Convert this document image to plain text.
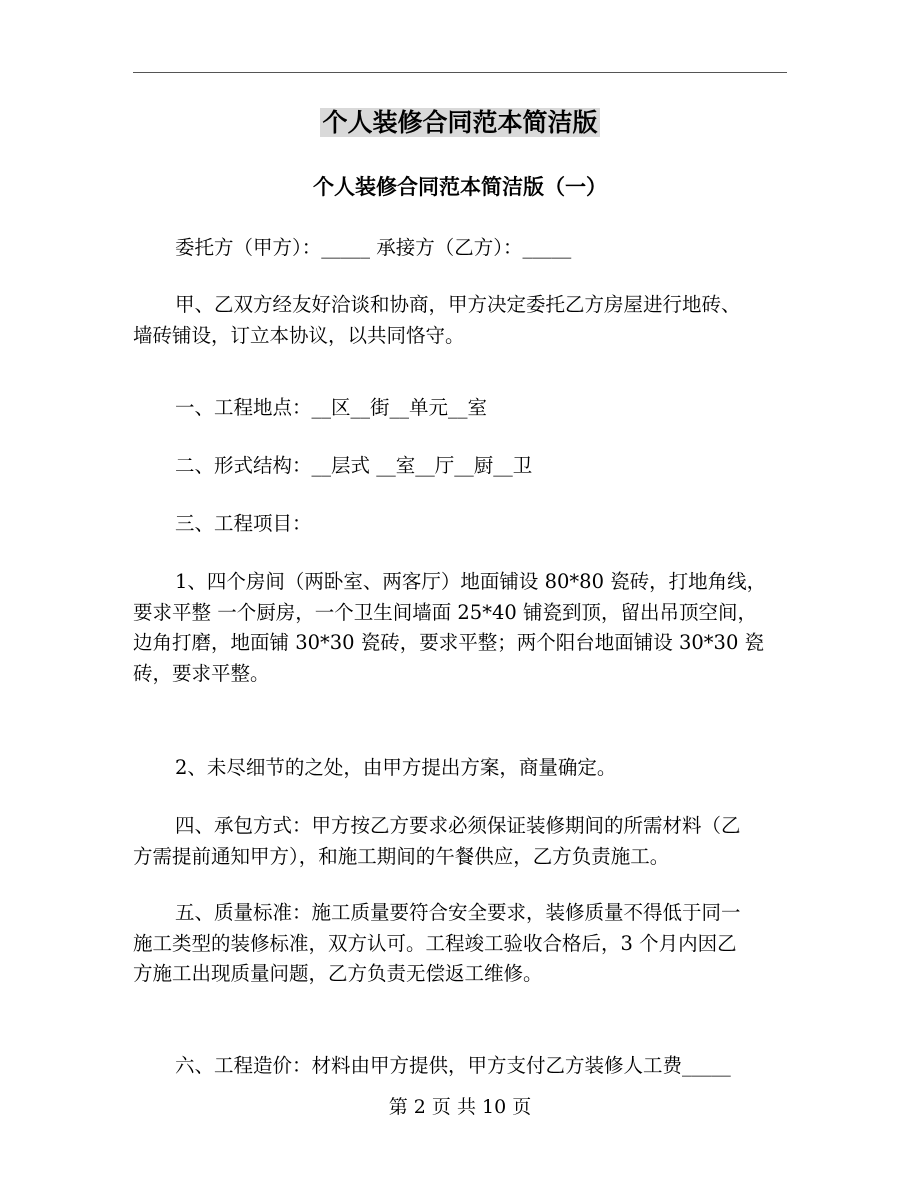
个人装修合同范本简洁版
个人装修合同范本简洁版（一）

委托方（甲方）：_____ 承接方（乙方）：_____

甲、乙双方经友好洽谈和协商，甲方决定委托乙方房屋进行地砖、
墙砖铺设，订立本协议，以共同恪守。

一、工程地点：__区__街__单元__室

二、形式结构：__层式 __室__厅__厨__卫

三、工程项目：

1、四个房间（两卧室、两客厅）地面铺设 80*80 瓷砖，打地角线，
要求平整 一个厨房，一个卫生间墙面 25*40 铺瓷到顶，留出吊顶空间，
边角打磨，地面铺 30*30 瓷砖，要求平整；两个阳台地面铺设 30*30 瓷
砖，要求平整。

2、未尽细节的之处，由甲方提出方案，商量确定。

四、承包方式：甲方按乙方要求必须保证装修期间的所需材料（乙
方需提前通知甲方），和施工期间的午餐供应，乙方负责施工。

五、质量标准：施工质量要符合安全要求，装修质量不得低于同一
施工类型的装修标准，双方认可。工程竣工验收合格后，3 个月内因乙
方施工出现质量问题，乙方负责无偿返工维修。

六、工程造价：材料由甲方提供，甲方支付乙方装修人工费_____

第 2 页 共 10 页
